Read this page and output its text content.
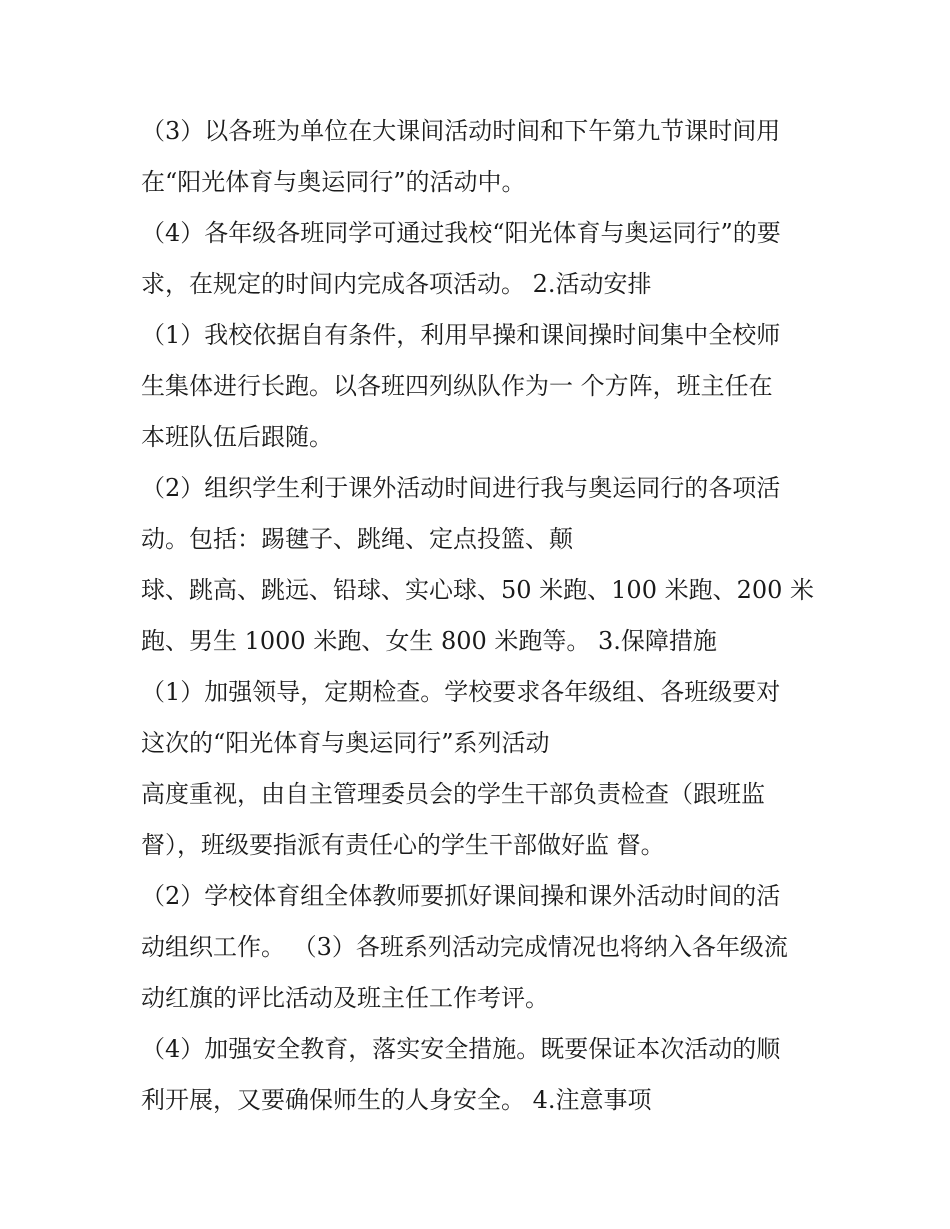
（3）以各班为单位在大课间活动时间和下午第九节课时间用
在“阳光体育与奥运同行”的活动中。
（4）各年级各班同学可通过我校“阳光体育与奥运同行”的要
求，在规定的时间内完成各项活动。 2.活动安排
（1）我校依据自有条件，利用早操和课间操时间集中全校师
生集体进行长跑。以各班四列纵队作为一 个方阵，班主任在
本班队伍后跟随。
（2）组织学生利于课外活动时间进行我与奥运同行的各项活
动。包括：踢毽子、跳绳、定点投篮、颠
球、跳高、跳远、铅球、实心球、50 米跑、100 米跑、200 米
跑、男生 1000 米跑、女生 800 米跑等。 3.保障措施
（1）加强领导，定期检查。学校要求各年级组、各班级要对
这次的“阳光体育与奥运同行”系列活动
高度重视，由自主管理委员会的学生干部负责检查（跟班监
督），班级要指派有责任心的学生干部做好监 督。
（2）学校体育组全体教师要抓好课间操和课外活动时间的活
动组织工作。 （3）各班系列活动完成情况也将纳入各年级流
动红旗的评比活动及班主任工作考评。
（4）加强安全教育，落实安全措施。既要保证本次活动的顺
利开展，又要确保师生的人身安全。 4.注意事项
